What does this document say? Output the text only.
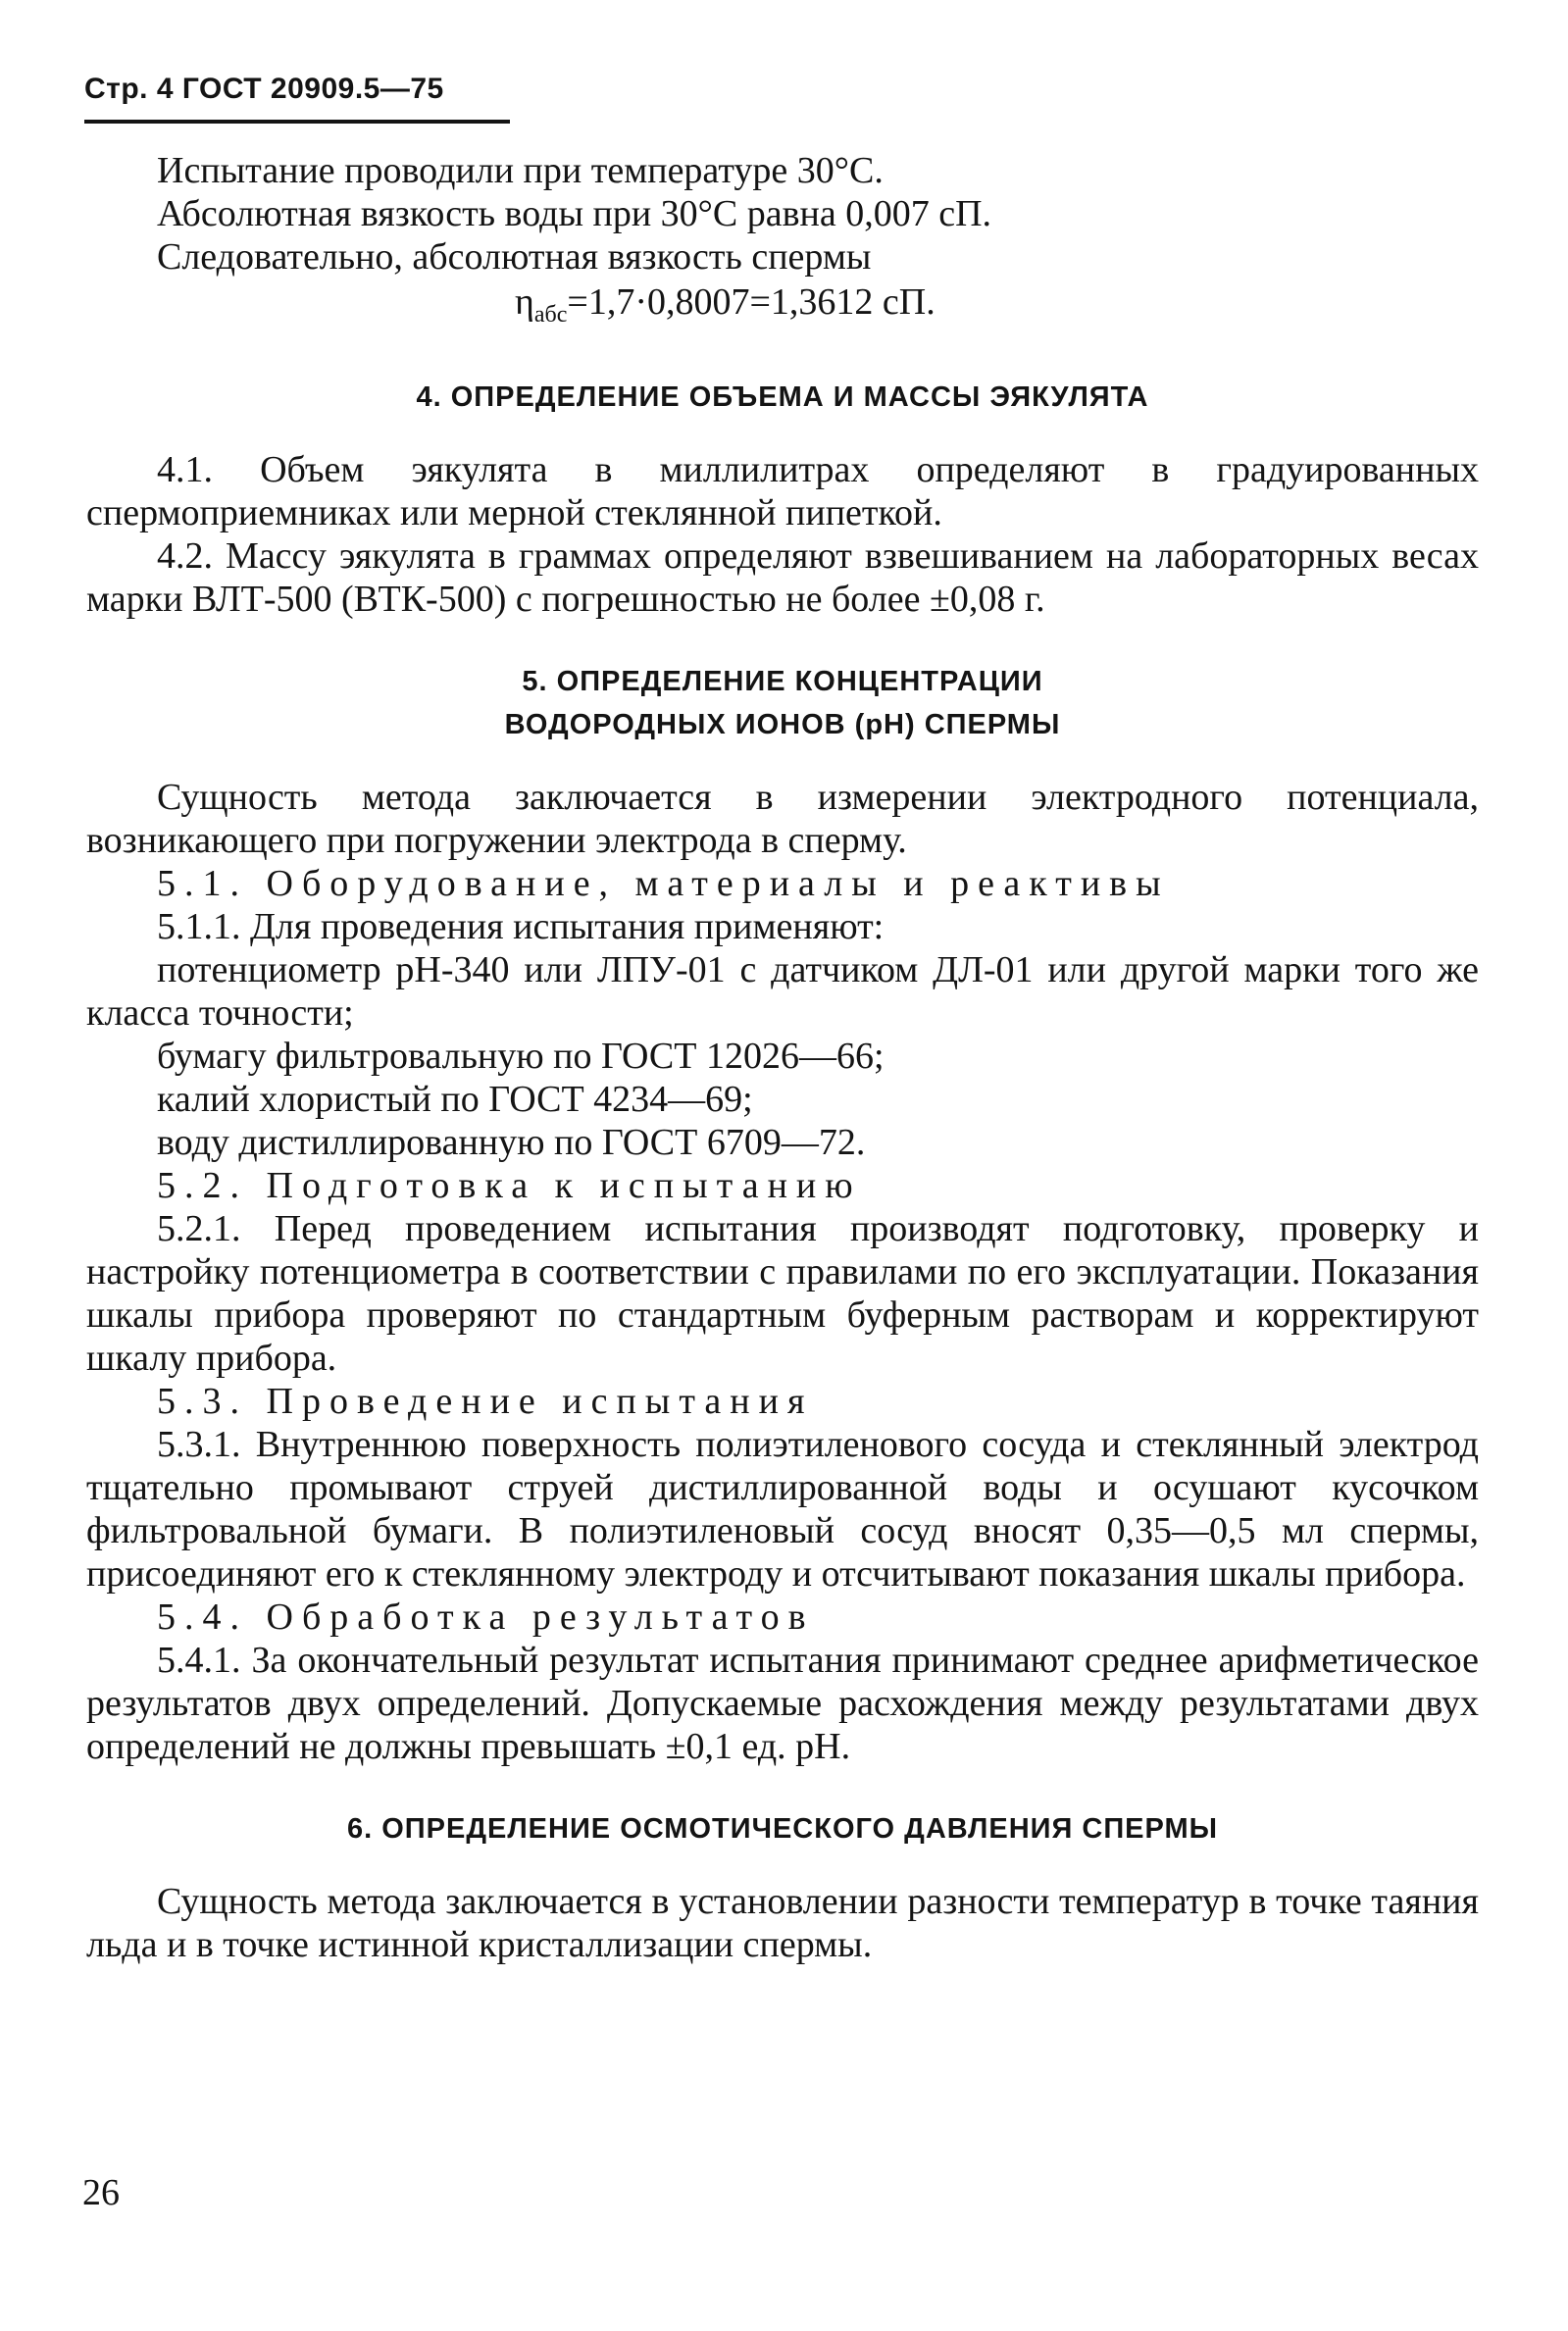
Стр. 4 ГОСТ 20909.5—75

Испытание проводили при температуре 30°C.

Абсолютная вязкость воды при 30°C равна 0,007 сП.

Следовательно, абсолютная вязкость спермы

$\eta_{абс}=1,7\cdot 0,8007=1,3612$ сП.

4. ОПРЕДЕЛЕНИЕ ОБЪЕМА И МАССЫ ЭЯКУЛЯТА

4.1. Объем эякулята в миллилитрах определяют в градуированных спермоприемниках или мерной стеклянной пипеткой.

4.2. Массу эякулята в граммах определяют взвешиванием на лабораторных весах марки ВЛТ-500 (ВТК-500) с погрешностью не более ±0,08 г.

5. ОПРЕДЕЛЕНИЕ КОНЦЕНТРАЦИИ
ВОДОРОДНЫХ ИОНОВ (рН) СПЕРМЫ

Сущность метода заключается в измерении электродного потенциала, возникающего при погружении электрода в сперму.

5.1. Оборудование, материалы и реактивы

5.1.1. Для проведения испытания применяют:

потенциометр рН-340 или ЛПУ-01 с датчиком ДЛ-01 или другой марки того же класса точности;

бумагу фильтровальную по ГОСТ 12026—66;

калий хлористый по ГОСТ 4234—69;

воду дистиллированную по ГОСТ 6709—72.

5.2. Подготовка к испытанию

5.2.1. Перед проведением испытания производят подготовку, проверку и настройку потенциометра в соответствии с правилами по его эксплуатации. Показания шкалы прибора проверяют по стандартным буферным растворам и корректируют шкалу прибора.

5.3. Проведение испытания

5.3.1. Внутреннюю поверхность полиэтиленового сосуда и стеклянный электрод тщательно промывают струей дистиллированной воды и осушают кусочком фильтровальной бумаги. В полиэтиленовый сосуд вносят 0,35—0,5 мл спермы, присоединяют его к стеклянному электроду и отсчитывают показания шкалы прибора.

5.4. Обработка результатов

5.4.1. За окончательный результат испытания принимают среднее арифметическое результатов двух определений. Допускаемые расхождения между результатами двух определений не должны превышать ±0,1 ед. рН.

6. ОПРЕДЕЛЕНИЕ ОСМОТИЧЕСКОГО ДАВЛЕНИЯ СПЕРМЫ

Сущность метода заключается в установлении разности температур в точке таяния льда и в точке истинной кристаллизации спермы.

26
